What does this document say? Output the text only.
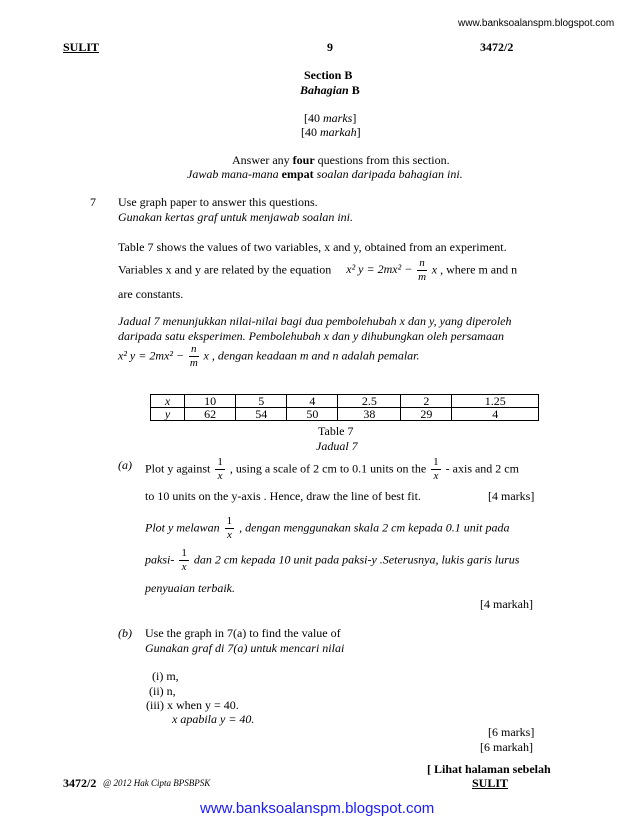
www.banksoalanspm.blogspot.com
SULIT	9	3472/2
Section B
Bahagian B
[40 marks]
[40 markah]
Answer any four questions from this section.
Jawab mana-mana empat soalan daripada bahagian ini.
7 Use graph paper to answer this questions.
Gunakan kertas graf untuk menjawab soalan ini.
Table 7 shows the values of two variables, x and y, obtained from an experiment.
Variables x and y are related by the equation x² $y = 2mx^2 - \frac{n}{m}$ x , where m and n
are constants.
Jadual 7 menunjukkan nilai-nilai bagi dua pembolehubah x dan y, yang diperoleh
daripada satu eksperimen. Pembolehubah x dan y dihubungkan oleh persamaan
x² $y = 2mx^2 - \frac{n}{m}$ x , dengan keadaan m and n adalah pemalar.
x	10	5	4	2.5	2	1.25
y	62	54	50	38	29	4
Table 7
Jadual 7
(a) Plot y against $\frac{1}{x}$ , using a scale of 2 cm to 0.1 units on the $\frac{1}{x}$ - axis and 2 cm
to 10 units on the y-axis . Hence, draw the line of best fit.	[4 marks]
Plot y melawan $\frac{1}{x}$ , dengan menggunakan skala 2 cm kepada 0.1 unit pada
paksi- $\frac{1}{x}$ dan 2 cm kepada 10 unit pada paksi-y .Seterusnya, lukis garis lurus
penyuaian terbaik.
[4 markah]
(b) Use the graph in 7(a) to find the value of
Gunakan graf di 7(a) untuk mencari nilai
(i) m,
(ii) n,
(iii) x when y = 40.
x apabila y = 40.
[6 marks]
[6 markah]
[ Lihat halaman sebelah
3472/2 @ 2012 Hak Cipta BPSBPSK	SULIT
www.banksoalanspm.blogspot.com
